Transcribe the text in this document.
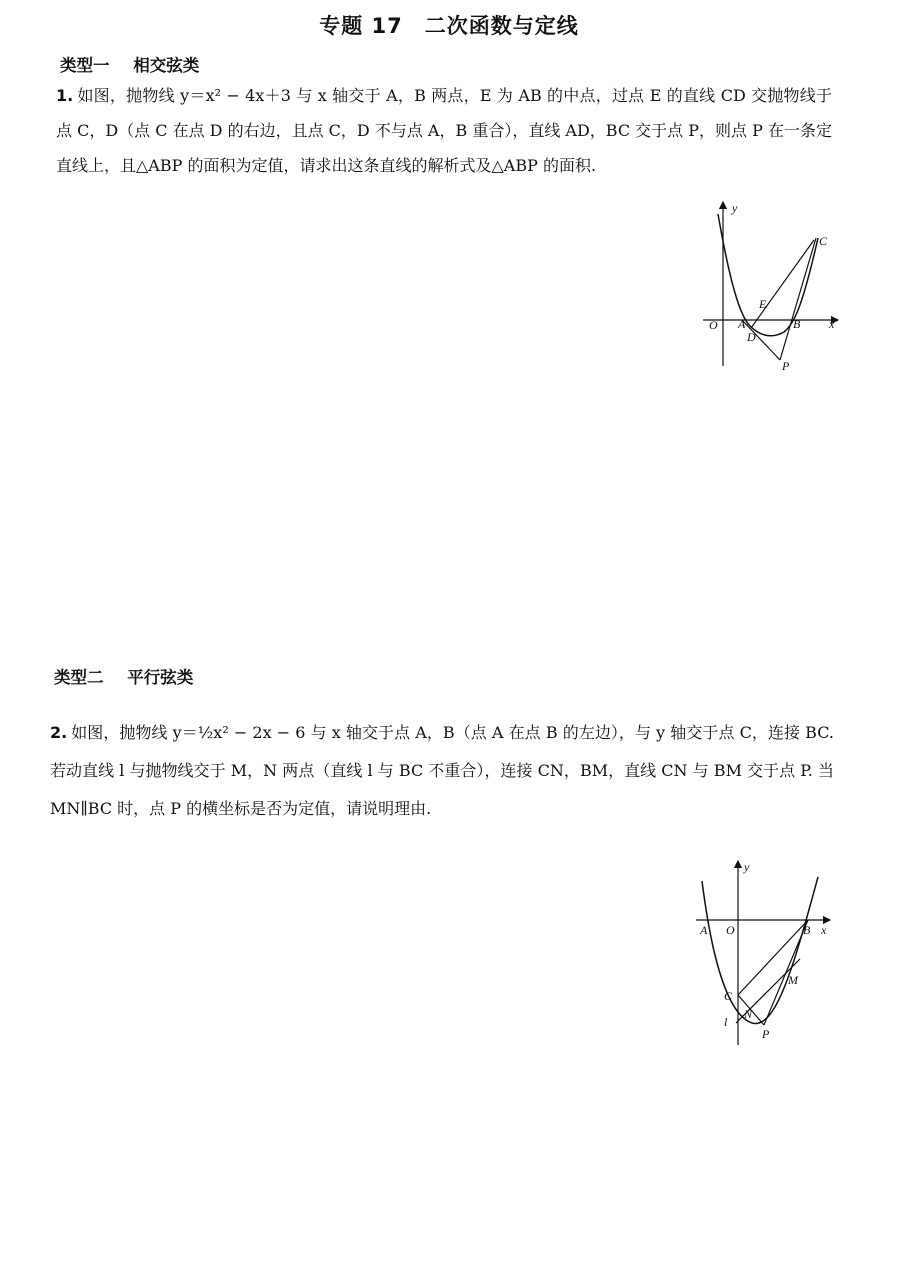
专题 17　二次函数与定线
类型一 相交弦类
1. 如图，抛物线 y＝x² − 4x＋3 与 x 轴交于 A，B 两点，E 为 AB 的中点，过点 E 的直线 CD 交抛物线于点 C，D（点 C 在点 D 的右边，且点 C，D 不与点 A，B 重合），直线 AD，BC 交于点 P，则点 P 在一条定直线上，且△ABP 的面积为定值，请求出这条直线的解析式及△ABP 的面积.
y
x
O A	B
C
D
E
P
类型二 平行弦类
2. 如图，抛物线 y＝½x² − 2x − 6 与 x 轴交于点 A，B（点 A 在点 B 的左边），与 y 轴交于点 C，连接 BC. 若动直线 l 与抛物线交于 M，N 两点（直线 l 与 BC 不重合），连接 CN，BM，直线 CN 与 BM 交于点 P. 当 MN∥BC 时，点 P 的横坐标是否为定值，请说明理由.
y
x
A O	B
C
M
N
l
P
